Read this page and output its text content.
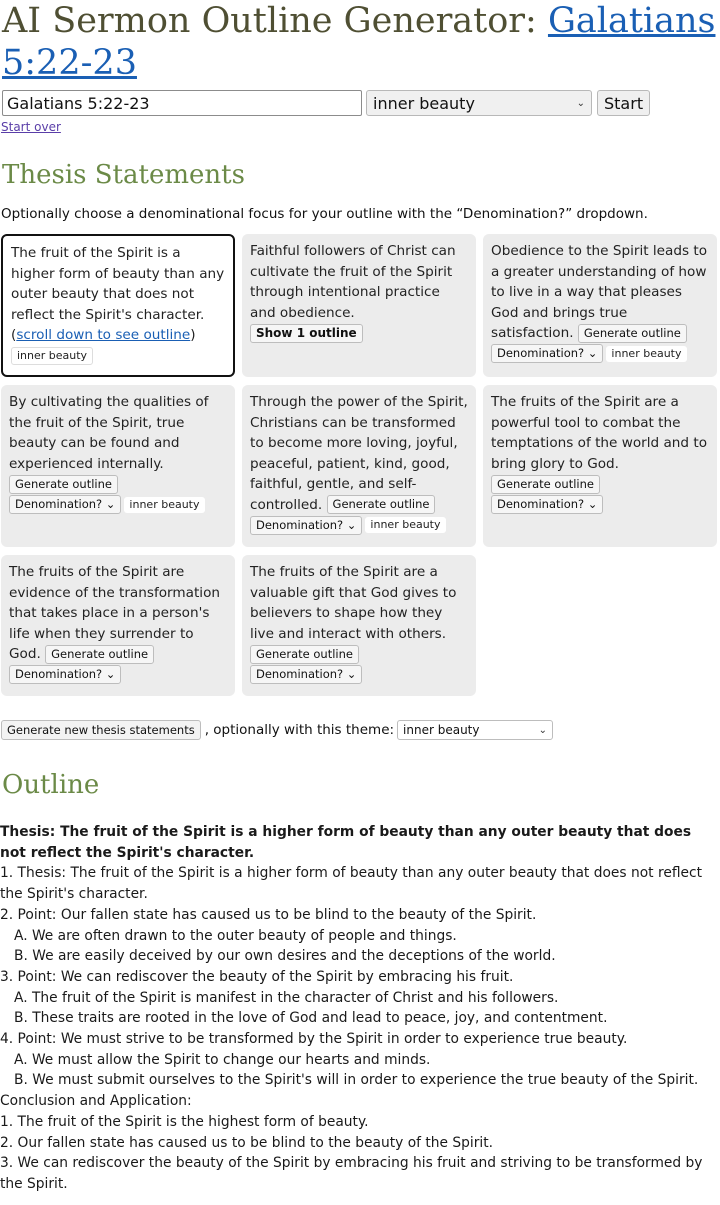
AI Sermon Outline Generator: Galatians 5:22-23
Galatians 5:22-23
inner beauty	⌄	Start
Start over
Thesis Statements

Optionally choose a denominational focus for your outline with the “Denomination?” dropdown.

The fruit of the Spirit is a higher form of beauty than any outer beauty that does not reflect the Spirit's character. (scroll down to see outline)
inner beauty
Faithful followers of Christ can cultivate the fruit of the Spirit through intentional practice and obedience. Show 1 outline
Obedience to the Spirit leads to a greater understanding of how to live in a way that pleases God and brings true satisfaction. Generate outline
Denomination? ⌄ inner beauty
By cultivating the qualities of the fruit of the Spirit, true beauty can be found and experienced internally.
Generate outline
Denomination? ⌄ inner beauty
Through the power of the Spirit, Christians can be transformed to become more loving, joyful, peaceful, patient, kind, good, faithful, gentle, and self-controlled. Generate outline
Denomination? ⌄ inner beauty
The fruits of the Spirit are a powerful tool to combat the temptations of the world and to bring glory to God.
Generate outline
Denomination? ⌄
The fruits of the Spirit are evidence of the transformation that takes place in a person's life when they surrender to God. Generate outline
Denomination? ⌄
The fruits of the Spirit are a valuable gift that God gives to believers to shape how they live and interact with others.
Generate outline
Denomination? ⌄
Generate new thesis statements , optionally with this theme: inner beauty	⌄
Outline
Thesis: The fruit of the Spirit is a higher form of beauty than any outer beauty that does not reflect the Spirit's character.
1. Thesis: The fruit of the Spirit is a higher form of beauty than any outer beauty that does not reflect the Spirit's character.
2. Point: Our fallen state has caused us to be blind to the beauty of the Spirit.
A. We are often drawn to the outer beauty of people and things.
B. We are easily deceived by our own desires and the deceptions of the world.
3. Point: We can rediscover the beauty of the Spirit by embracing his fruit.
A. The fruit of the Spirit is manifest in the character of Christ and his followers.
B. These traits are rooted in the love of God and lead to peace, joy, and contentment.
4. Point: We must strive to be transformed by the Spirit in order to experience true beauty.
A. We must allow the Spirit to change our hearts and minds.
B. We must submit ourselves to the Spirit's will in order to experience the true beauty of the Spirit.
Conclusion and Application:
1. The fruit of the Spirit is the highest form of beauty.
2. Our fallen state has caused us to be blind to the beauty of the Spirit.
3. We can rediscover the beauty of the Spirit by embracing his fruit and striving to be transformed by the Spirit.
